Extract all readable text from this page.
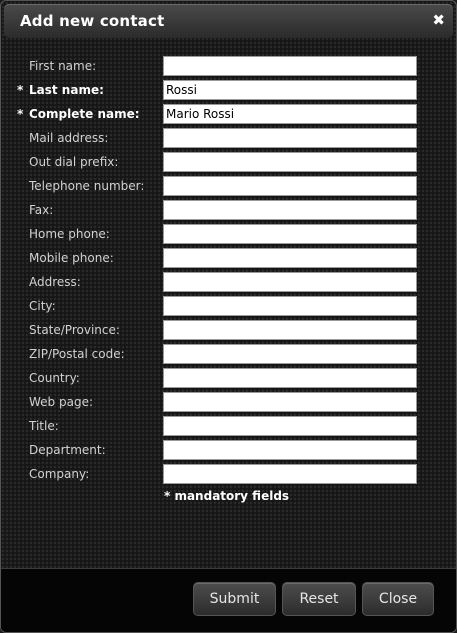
Add new contact	✖
First name:
* Last name:
Rossi
* Complete name:
Mario Rossi
Mail address:
Out dial prefix:
Telephone number:
Fax:
Home phone:
Mobile phone:
Address:
City:
State/Province:
ZIP/Postal code:
Country:
Web page:
Title:
Department:
Company:
* mandatory fields
Submit	Reset	Close
